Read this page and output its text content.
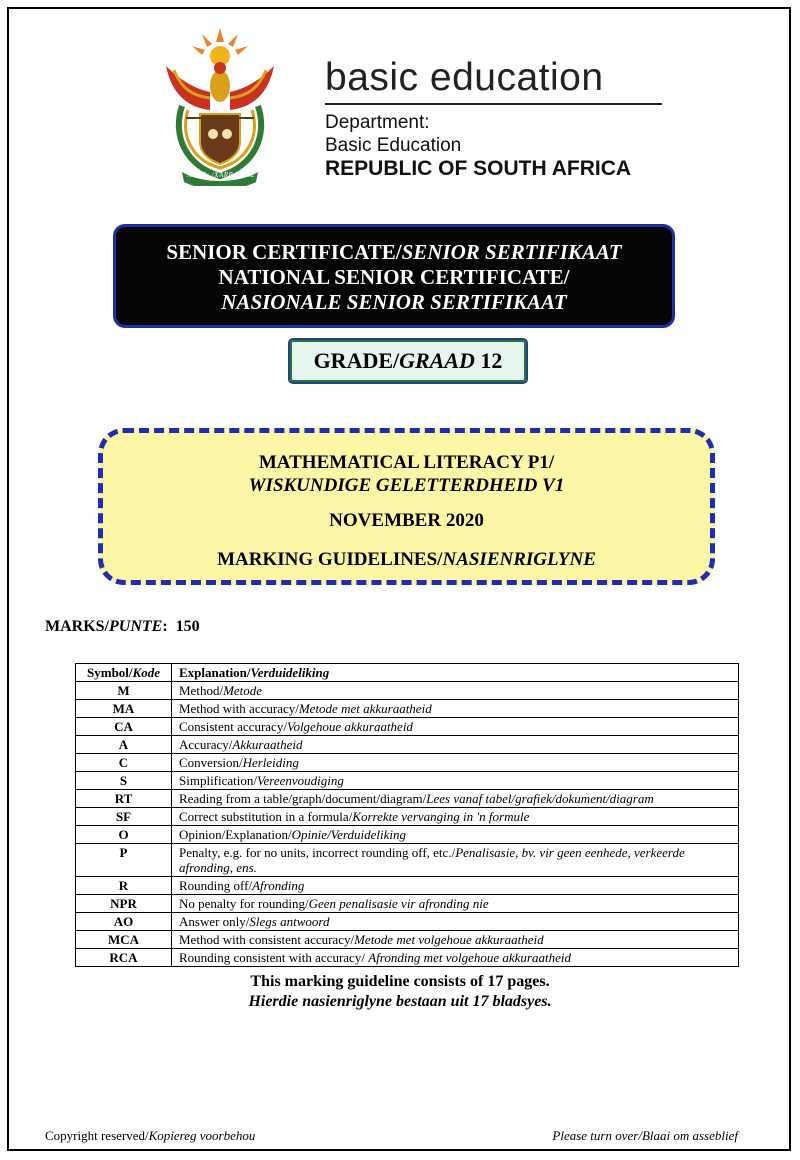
!KE E: /XARRA //KE
basic education
Department:
Basic Education
REPUBLIC OF SOUTH AFRICA
SENIOR CERTIFICATE/SENIOR SERTIFIKAAT
NATIONAL SENIOR CERTIFICATE/
NASIONALE SENIOR SERTIFIKAAT
GRADE/GRAAD 12
MATHEMATICAL LITERACY P1/
WISKUNDIGE GELETTERDHEID V1
NOVEMBER 2020
MARKING GUIDELINES/NASIENRIGLYNE
MARKS/PUNTE: 150
Symbol/Kode	Explanation/Verduideliking
M	Method/Metode
MA	Method with accuracy/Metode met akkuraatheid
CA	Consistent accuracy/Volgehoue akkuraatheid
A	Accuracy/Akkuraatheid
C	Conversion/Herleiding
S	Simplification/Vereenvoudiging
RT	Reading from a table/graph/document/diagram/Lees vanaf tabel/grafiek/dokument/diagram
SF	Correct substitution in a formula/Korrekte vervanging in 'n formule
O	Opinion/Explanation/Opinie/Verduideliking
P	Penalty, e.g. for no units, incorrect rounding off, etc./Penalisasie, bv. vir geen eenhede, verkeerde afronding, ens.
R	Rounding off/Afronding
NPR	No penalty for rounding/Geen penalisasie vir afronding nie
AO	Answer only/Slegs antwoord
MCA	Method with consistent accuracy/Metode met volgehoue akkuraatheid
RCA	Rounding consistent with accuracy/ Afronding met volgehoue akkuraatheid
This marking guideline consists of 17 pages.
Hierdie nasienriglyne bestaan uit 17 bladsyes.
Copyright reserved/Kopiereg voorbehou	Please turn over/Blaai om asseblief
